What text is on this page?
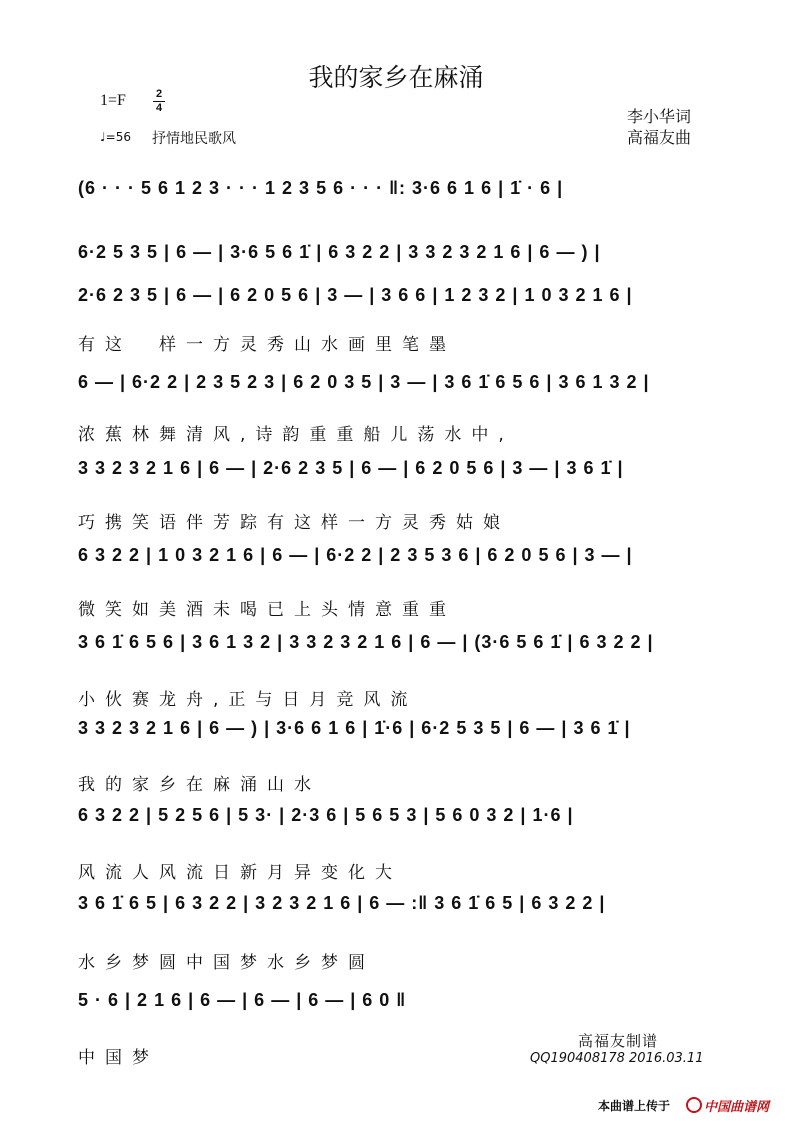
我的家乡在麻涌
1=F	2
4
♩=56 抒情地民歌风
李小华词
高福友曲
(6 · · · 5 6 1 2 3 · · · 1 2 3 5 6 · · · ‖: 3·6 6 1 6 | 1̇ · 6 |
6·2 5 3 5 | 6 — | 3·6 5 6 1̇ | 6 3 2 2 | 3 3 2 3 2 1 6 | 6 — ) |
2·6 2 3 5 | 6 — | 6 2 0 5 6 | 3 — | 3 6 6 | 1 2 3 2 | 1 0 3 2 1 6 |
有这　样一方灵秀山水画里笔墨
6 — | 6·2 2 | 2 3 5 2 3 | 6 2 0 3 5 | 3 — | 3 6 1̇ 6 5 6 | 3 6 1 3 2 |
浓蕉林舞清风,诗韵重重船儿荡水中,
3 3 2 3 2 1 6 | 6 — | 2·6 2 3 5 | 6 — | 6 2 0 5 6 | 3 — | 3 6 1̇ |
巧携笑语伴芳踪有这样一方灵秀姑娘
6 3 2 2 | 1 0 3 2 1 6 | 6 — | 6·2 2 | 2 3 5 3 6 | 6 2 0 5 6 | 3 — |
微笑如美酒未喝已上头情意重重
3 6 1̇ 6 5 6 | 3 6 1 3 2 | 3 3 2 3 2 1 6 | 6 — | (3·6 5 6 1̇ | 6 3 2 2 |
小伙赛龙舟,正与日月竞风流
3 3 2 3 2 1 6 | 6 — ) | 3·6 6 1 6 | 1̇·6 | 6·2 5 3 5 | 6 — | 3 6 1̇ |
我的家乡在麻涌山水
6 3 2 2 | 5 2 5 6 | 5 3· | 2·3 6 | 5 6 5 3 | 5 6 0 3 2 | 1·6 |
风流人风流日新月异变化大
3 6 1̇ 6 5 | 6 3 2 2 | 3 2 3 2 1 6 | 6 — :‖ 3 6 1̇ 6 5 | 6 3 2 2 |
水乡梦圆中国梦水乡梦圆
5 · 6 | 2 1 6 | 6 — | 6 — | 6 — | 6 0 ‖
中国梦
高福友制谱
QQ190408178 2016.03.11
本曲谱上传于	中国曲谱网
